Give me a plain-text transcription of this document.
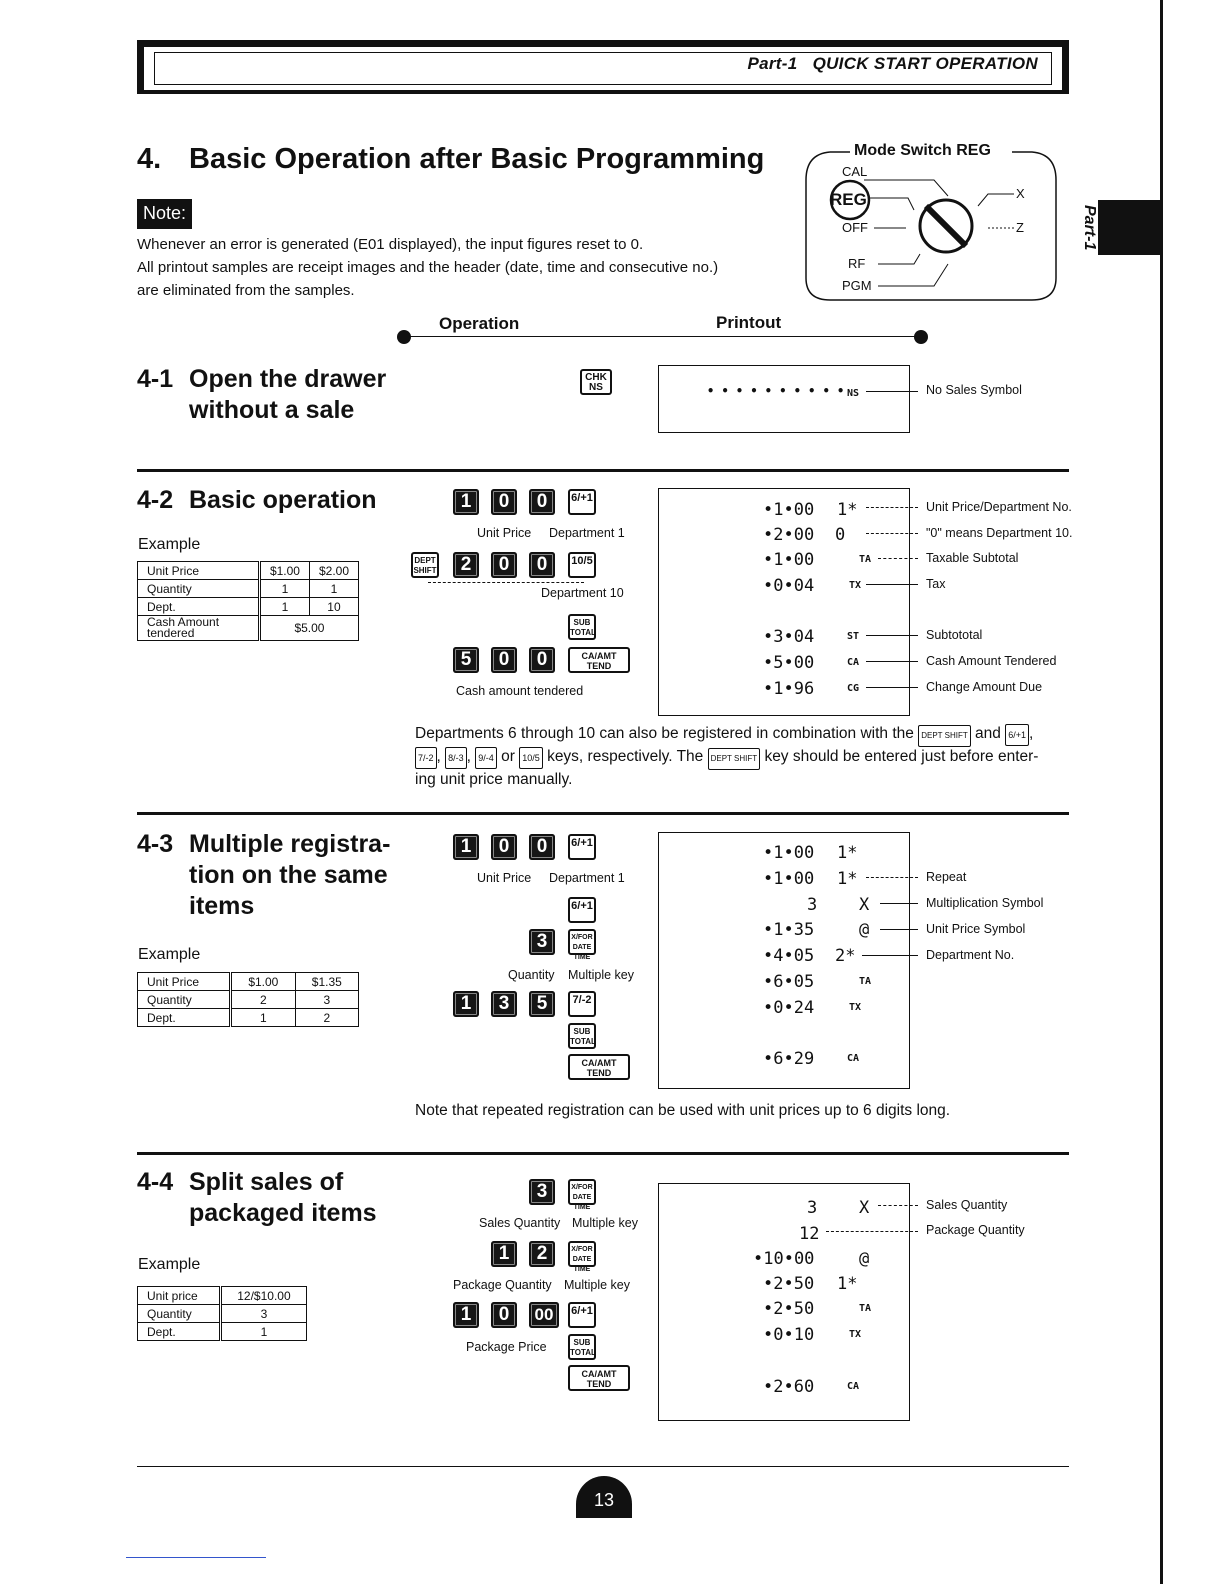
Part-1 QUICK START OPERATION
Part-1
4. Basic Operation after Basic Programming	Mode Switch REG
CAL
REG
OFF
RF
PGM
X
Z
Note:
Whenever an error is generated (E01 displayed), the input figures reset to 0.
All printout samples are receipt images and the header (date, time and consecutive no.)
are eliminated from the samples.
Operation	Printout
4-1 Open the drawer
without a sale
CHK NS	• • • • • • • • • • NS	No Sales Symbol
4-2 Basic operation
Example
Unit Price	$1.00	$2.00
Quantity	1	1
Dept.	1	10
Cash Amount tendered	$5.00	
1	0	0	6/+1
Unit Price Department 1
DEPT SHIFT	2	0	0	10/5
Department 10
SUB TOTAL
5	0	0	CA/AMT TEND
Cash amount tendered
•1•00 1*
•2•00 0
•1•00	TA
•0•04	TX
•3•04	ST
•5•00	CA
•1•96	CG
Unit Price/Department No.
"0" means Department 10.
Taxable Subtotal
Tax
Subtototal
Cash Amount Tendered
Change Amount Due
Departments 6 through 10 can also be registered in combination with the DEPT SHIFT and 6/+1 ,
7/-2 , 8/-3 , 9/-4 or 10/5 keys, respectively. The DEPT SHIFT key should be entered just before enter-
ing unit price manually.
4-3 Multiple registra-
tion on the same
items
Example
Unit Price	$1.00	$1.35
Quantity	2	3
Dept.	1	2
1	0	0	6/+1
Unit Price Department 1
6/+1
3	X/FOR DATE TIME
Quantity Multiple key
1	3	5	7/-2
SUB TOTAL
CA/AMT TEND
•1•00 1*
•1•00 1*
3 X
•1•35	@
•4•05 2*
•6•05	TA
•0•24	TX
•6•29	CA
Repeat
Multiplication Symbol
Unit Price Symbol
Department No.
Note that repeated registration can be used with unit prices up to 6 digits long.
4-4 Split sales of
packaged items
Example
Unit price	12/$10.00
Quantity	3
Dept.	1
3	X/FOR DATE TIME
Sales Quantity Multiple key
1	2	X/FOR DATE TIME
Package Quantity Multiple key
1	0	00	6/+1
Package Price	SUB TOTAL
CA/AMT TEND
3 X
12
•10•00	@
•2•50 1*
•2•50	TA
•0•10	TX
•2•60	CA
Sales Quantity
Package Quantity
13
